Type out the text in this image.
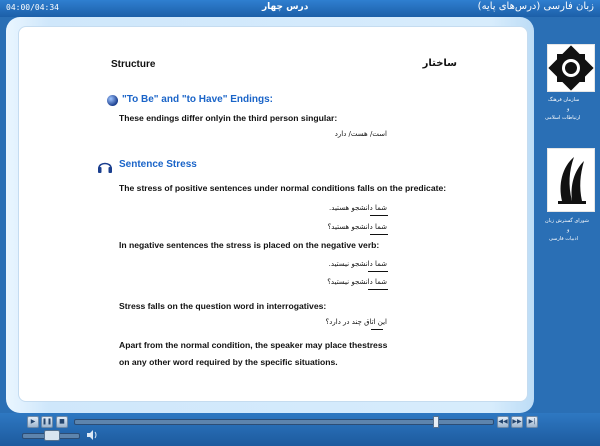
04:00/04:34	درس چهار	زبان فارسی (درس‌های پایه)
Structure	ساختار
"To Be" and "to Have" Endings:
These endings differ onlyin the third person singular:
است/ هست/ دارد
Sentence Stress
The stress of positive sentences under normal conditions falls on the predicate:
شما دانشجو هستید.
شما دانشجو هستید؟
In negative sentences the stress is placed on the negative verb:
شما دانشجو نیستید.
شما دانشجو نیستید؟
Stress falls on the question word in interrogatives:
این اتاق چند در دارد؟
Apart from the normal condition, the speaker may place thestress
on any other word required by the specific situations.
سازمان فرهنگ
و
ارتباطات اسلامی
شورای گسترش زبان
و
ادبیات فارسی
▶	❚❚	■	◀◀ ▶▶	▶|
